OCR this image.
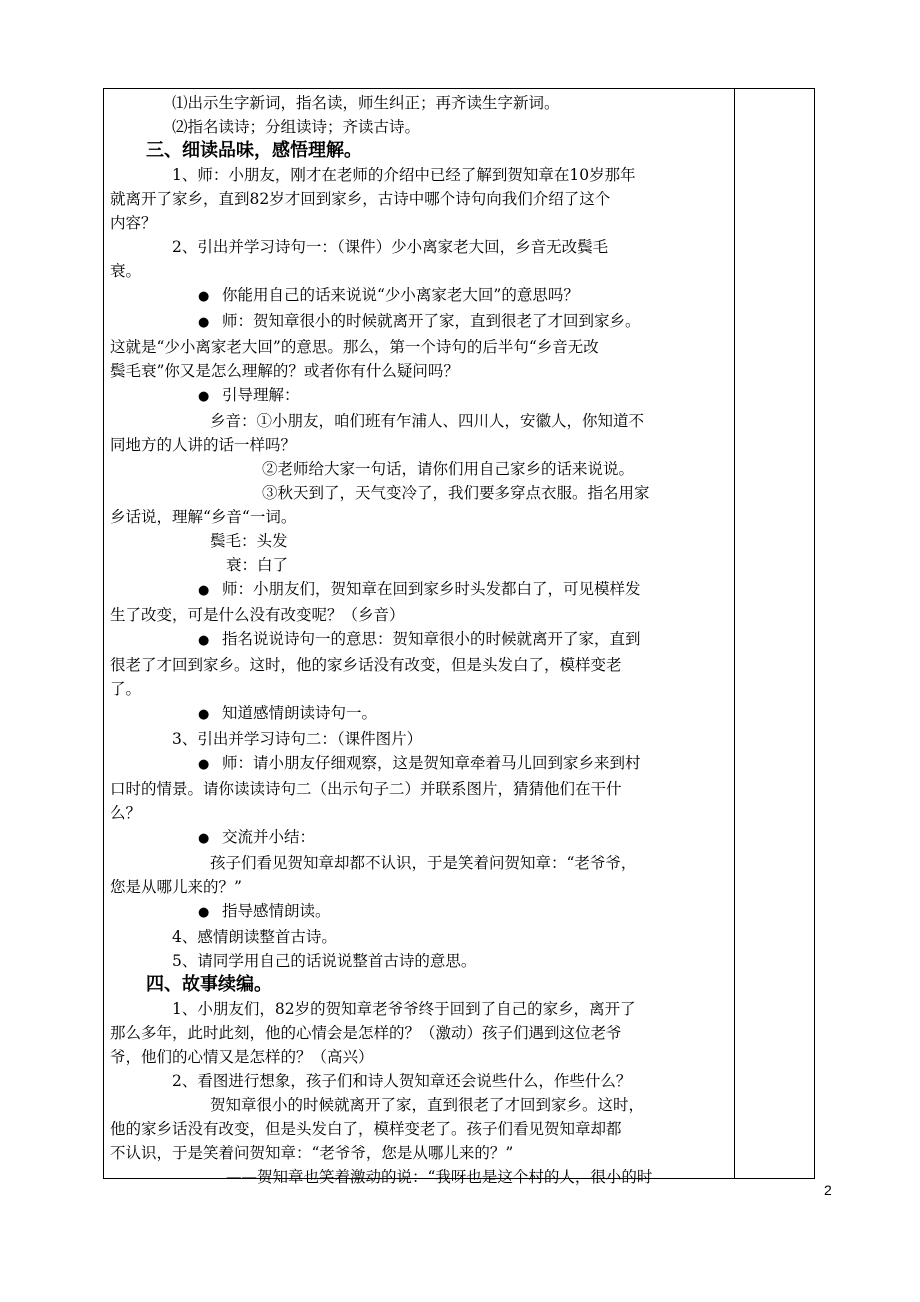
⑴出示生字新词，指名读，师生纠正；再齐读生字新词。
⑵指名读诗；分组读诗；齐读古诗。
三、细读品味，感悟理解。
1、师：小朋友，刚才在老师的介绍中已经了解到贺知章在10岁那年
就离开了家乡，直到82岁才回到家乡，古诗中哪个诗句向我们介绍了这个
内容？
2、引出并学习诗句一：（课件）少小离家老大回，乡音无改鬓毛
衰。
● 你能用自己的话来说说“少小离家老大回”的意思吗？
● 师：贺知章很小的时候就离开了家，直到很老了才回到家乡。
这就是“少小离家老大回”的意思。那么，第一个诗句的后半句“乡音无改
鬓毛衰”你又是怎么理解的？或者你有什么疑问吗？
● 引导理解：
乡音：①小朋友，咱们班有乍浦人、四川人，安徽人，你知道不
同地方的人讲的话一样吗？
②老师给大家一句话，请你们用自己家乡的话来说说。
③秋天到了，天气变冷了，我们要多穿点衣服。指名用家
乡话说，理解“乡音“一词。
鬓毛：头发
衰：白了
● 师：小朋友们，贺知章在回到家乡时头发都白了，可见模样发
生了改变，可是什么没有改变呢？（乡音）
● 指名说说诗句一的意思：贺知章很小的时候就离开了家，直到
很老了才回到家乡。这时，他的家乡话没有改变，但是头发白了，模样变老
了。
● 知道感情朗读诗句一。
3、引出并学习诗句二：（课件图片）
● 师：请小朋友仔细观察，这是贺知章牵着马儿回到家乡来到村
口时的情景。请你读读诗句二（出示句子二）并联系图片，猜猜他们在干什
么？
● 交流并小结：
孩子们看见贺知章却都不认识，于是笑着问贺知章：“老爷爷，
您是从哪儿来的？”
● 指导感情朗读。
4、感情朗读整首古诗。
5、请同学用自己的话说说整首古诗的意思。
四、故事续编。
1、小朋友们，82岁的贺知章老爷爷终于回到了自己的家乡，离开了
那么多年，此时此刻，他的心情会是怎样的？（激动）孩子们遇到这位老爷
爷，他们的心情又是怎样的？（高兴）
2、看图进行想象，孩子们和诗人贺知章还会说些什么，作些什么？
贺知章很小的时候就离开了家，直到很老了才回到家乡。这时，
他的家乡话没有改变，但是头发白了，模样变老了。孩子们看见贺知章却都
不认识，于是笑着问贺知章：“老爷爷，您是从哪儿来的？”
——贺知章也笑着激动的说：“我呀也是这个村的人，很小的时
2
